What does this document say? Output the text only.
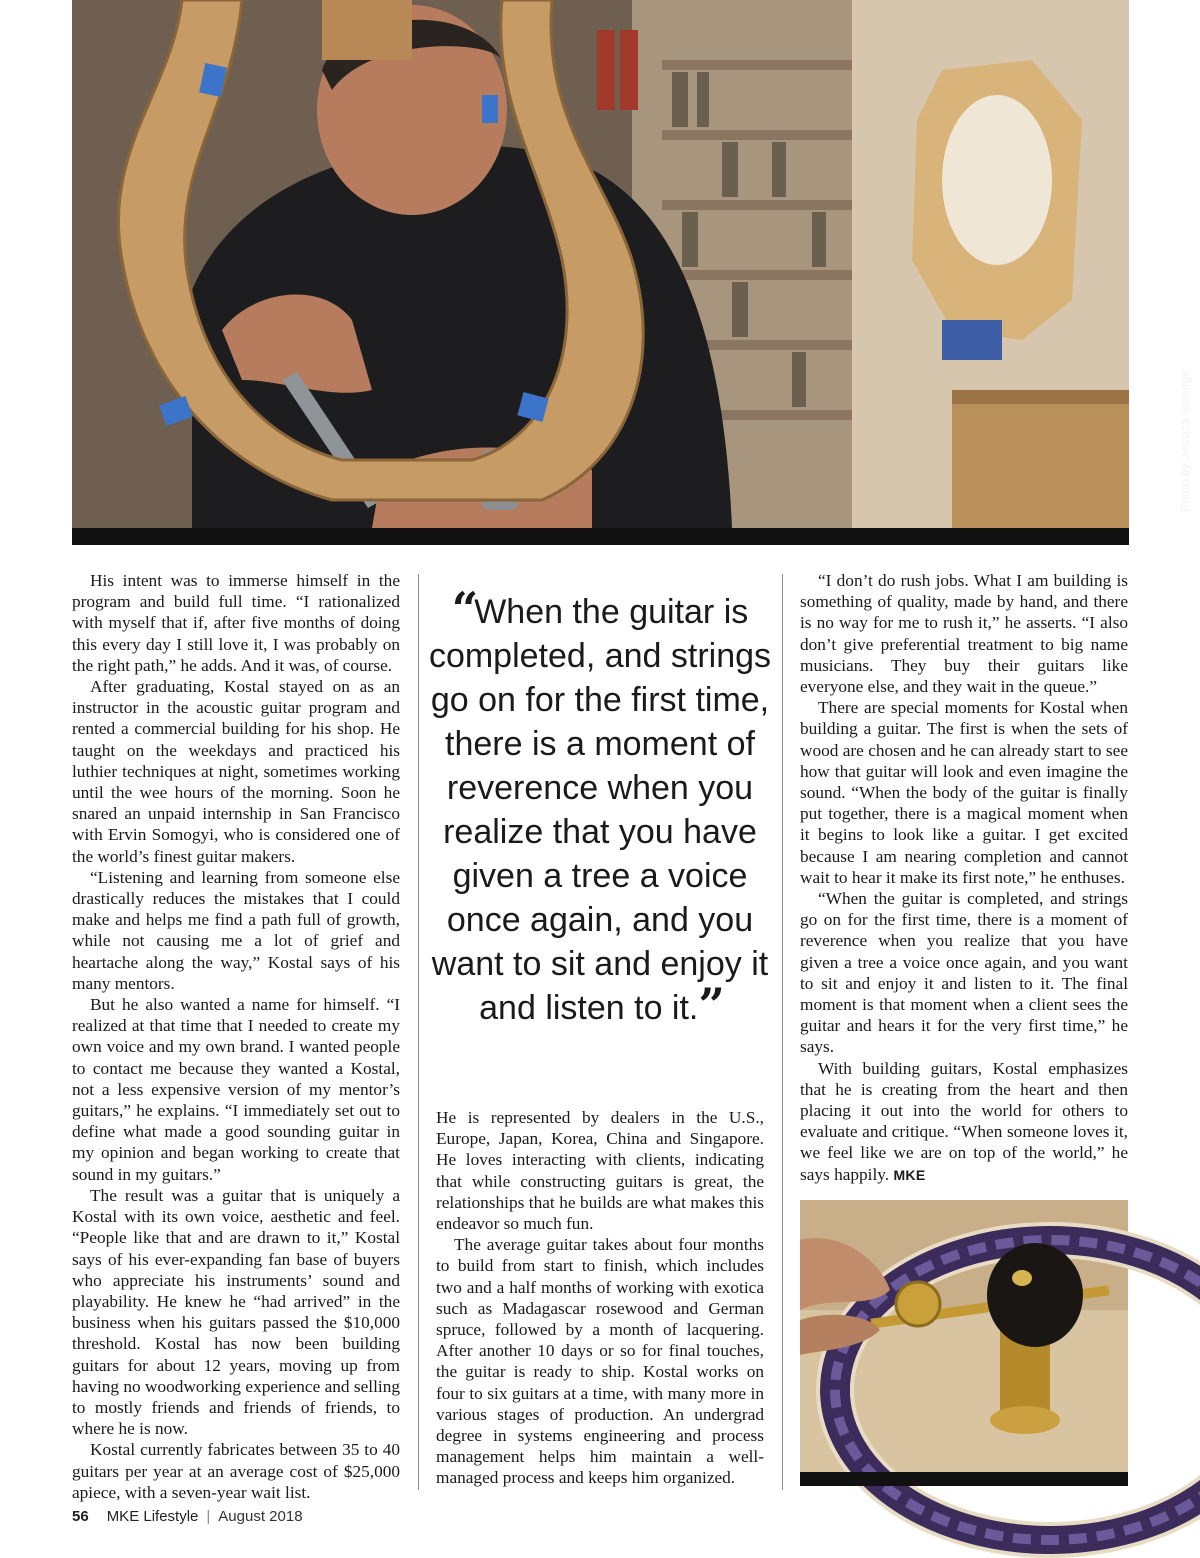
Photo by Jessica Savidge

His intent was to immerse himself in the program and build full time. “I rationalized with myself that if, after five months of doing this every day I still love it, I was probably on the right path,” he adds. And it was, of course.

After graduating, Kostal stayed on as an instructor in the acoustic guitar program and rented a commercial building for his shop. He taught on the weekdays and practiced his luthier techniques at night, sometimes working until the wee hours of the morning. Soon he snared an unpaid internship in San Francisco with Ervin Somogyi, who is considered one of the world’s finest guitar makers.

“Listening and learning from someone else drastically reduces the mistakes that I could make and helps me find a path full of growth, while not causing me a lot of grief and heartache along the way,” Kostal says of his many mentors.

But he also wanted a name for himself. “I realized at that time that I needed to create my own voice and my own brand. I wanted people to contact me because they wanted a Kostal, not a less expensive version of my mentor’s guitars,” he explains. “I immediately set out to define what made a good sounding guitar in my opinion and began working to create that sound in my guitars.”

The result was a guitar that is uniquely a Kostal with its own voice, aesthetic and feel. “People like that and are drawn to it,” Kostal says of his ever-expanding fan base of buyers who appreciate his instruments’ sound and playability. He knew he “had arrived” in the business when his guitars passed the $10,000 threshold. Kostal has now been building guitars for about 12 years, moving up from having no woodworking experience and selling to mostly friends and friends of friends, to where he is now.

Kostal currently fabricates between 35 to 40 guitars per year at an average cost of $25,000 apiece, with a seven-year wait list.

“When the guitar is completed, and strings go on for the first time, there is a moment of reverence when you realize that you have given a tree a voice once again, and you want to sit and enjoy it and listen to it.”

He is represented by dealers in the U.S., Europe, Japan, Korea, China and Singapore. He loves interacting with clients, indicating that while constructing guitars is great, the relationships that he builds are what makes this endeavor so much fun.

The average guitar takes about four months to build from start to finish, which includes two and a half months of working with exotica such as Madagascar rosewood and German spruce, followed by a month of lacquering. After another 10 days or so for final touches, the guitar is ready to ship. Kostal works on four to six guitars at a time, with many more in various stages of production. An undergrad degree in systems engineering and process management helps him maintain a well-managed process and keeps him organized.

“I don’t do rush jobs. What I am building is something of quality, made by hand, and there is no way for me to rush it,” he asserts. “I also don’t give preferential treatment to big name musicians. They buy their guitars like everyone else, and they wait in the queue.”

There are special moments for Kostal when building a guitar. The first is when the sets of wood are chosen and he can already start to see how that guitar will look and even imagine the sound. “When the body of the guitar is finally put together, there is a magical moment when it begins to look like a guitar. I get excited because I am nearing completion and cannot wait to hear it make its first note,” he enthuses.

“When the guitar is completed, and strings go on for the first time, there is a moment of reverence when you realize that you have given a tree a voice once again, and you want to sit and enjoy it and listen to it. The final moment is that moment when a client sees the guitar and hears it for the very first time,” he says.

With building guitars, Kostal emphasizes that he is creating from the heart and then placing it out into the world for others to evaluate and critique. “When someone loves it, we feel like we are on top of the world,” he says happily. MKE

56 MKE Lifestyle | August 2018
